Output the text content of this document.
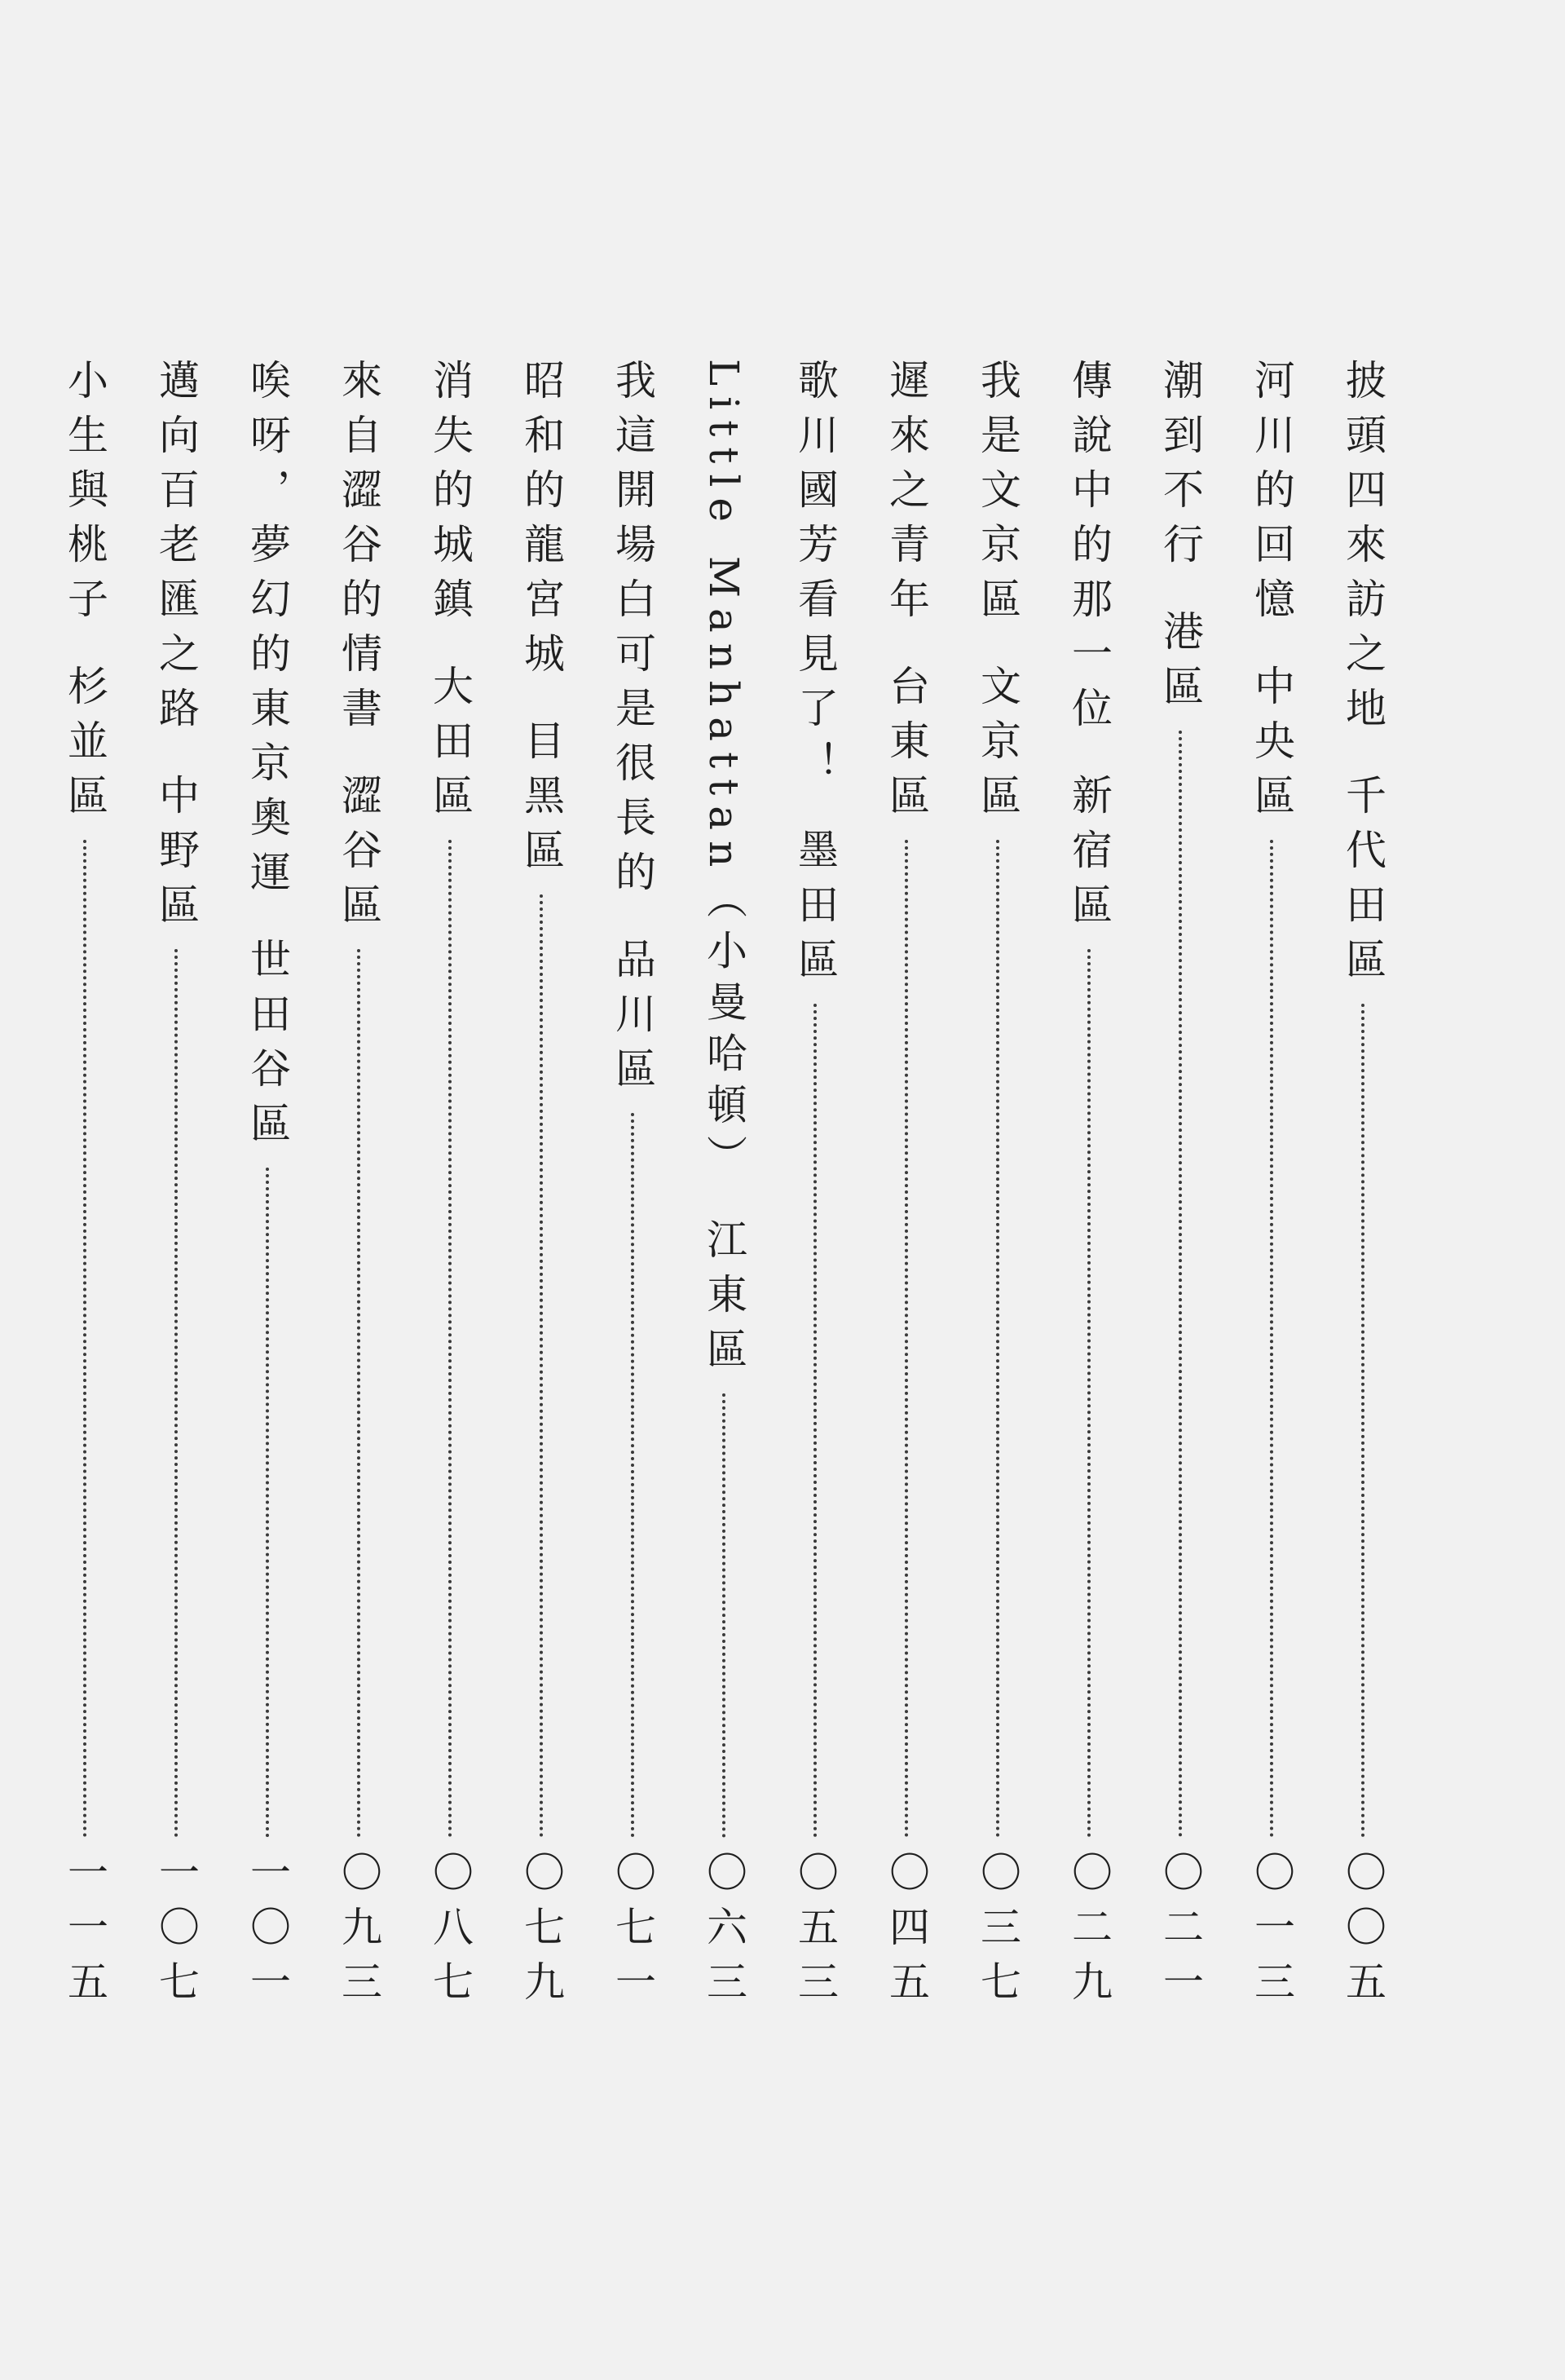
披頭四來訪之地
千代田區
〇〇五
河川的回憶
中央區
〇一三
潮到不行
港區
〇二一
傳說中的那一位
新宿區
〇二九
我是文京區
文京區
〇三七
遲來之青年
台東區
〇四五
歌川國芳看見了！
墨田區
〇五三
Little Manhattan（小曼哈頓）
江東區
〇六三
我這開場白可是很長的
品川區
〇七一
昭和的龍宮城
目黑區
〇七九
消失的城鎮
大田區
〇八七
來自澀谷的情書
澀谷區
〇九三
唉呀，夢幻的東京奧運
世田谷區
一〇一
邁向百老匯之路
中野區
一〇七
小生與桃子
杉並區
一一五
